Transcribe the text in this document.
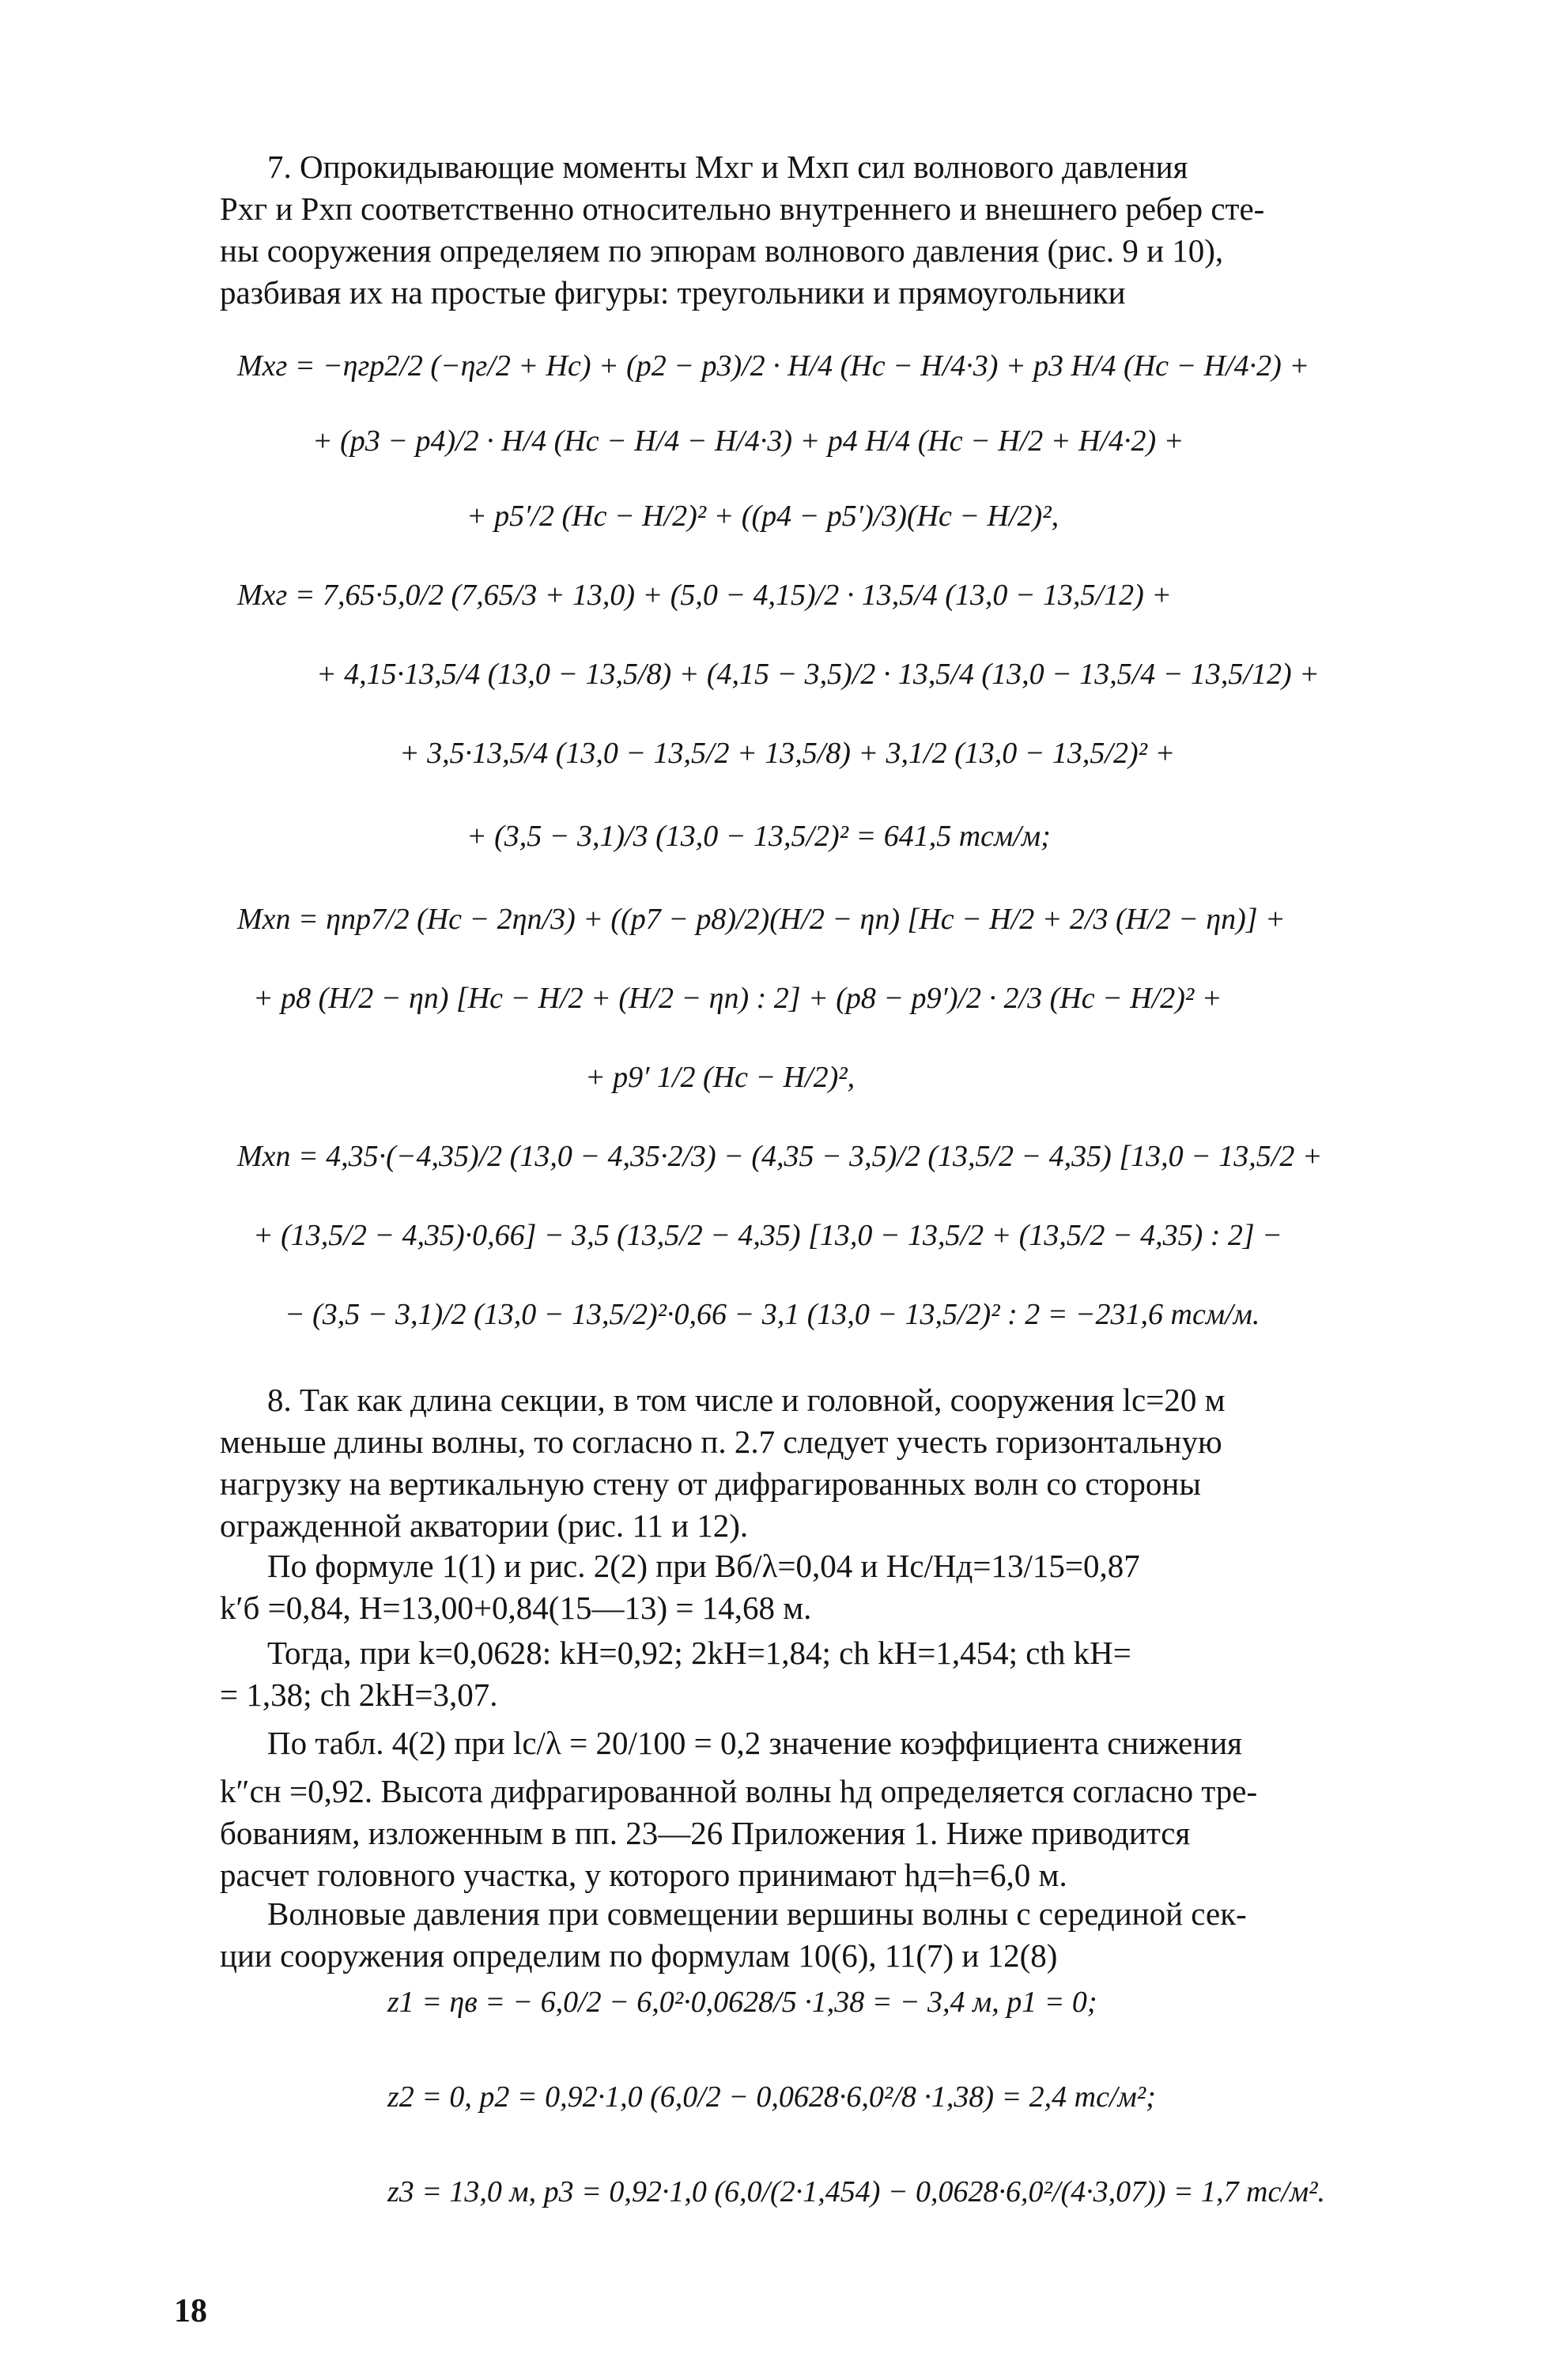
7. Опрокидывающие моменты Mхг и Mхп сил волнового давления
Pхг и Pхп соответственно относительно внутреннего и внешнего ребер сте-
ны сооружения определяем по эпюрам волнового давления (рис. 9 и 10),
разбивая их на простые фигуры: треугольники и прямоугольники
Mхг = −ηгp2/2 (−ηг/2 + Hс) + (p2 − p3)/2 · H/4 (Hс − H/4·3) + p3 H/4 (Hс − H/4·2) +
+ (p3 − p4)/2 · H/4 (Hс − H/4 − H/4·3) + p4 H/4 (Hс − H/2 + H/4·2) +
+ p5′/2 (Hс − H/2)² + ((p4 − p5′)/3)(Hс − H/2)²,
Mхг = 7,65·5,0/2 (7,65/3 + 13,0) + (5,0 − 4,15)/2 · 13,5/4 (13,0 − 13,5/12) +
+ 4,15·13,5/4 (13,0 − 13,5/8) + (4,15 − 3,5)/2 · 13,5/4 (13,0 − 13,5/4 − 13,5/12) +
+ 3,5·13,5/4 (13,0 − 13,5/2 + 13,5/8) + 3,1/2 (13,0 − 13,5/2)² +
+ (3,5 − 3,1)/3 (13,0 − 13,5/2)² = 641,5 тсм/м;
Mхп = ηпp7/2 (Hс − 2ηп/3) + ((p7 − p8)/2)(H/2 − ηп) [Hс − H/2 + 2/3 (H/2 − ηп)] +
+ p8 (H/2 − ηп) [Hс − H/2 + (H/2 − ηп) : 2] + (p8 − p9′)/2 · 2/3 (Hс − H/2)² +
+ p9′ 1/2 (Hс − H/2)²,
Mхп = 4,35·(−4,35)/2 (13,0 − 4,35·2/3) − (4,35 − 3,5)/2 (13,5/2 − 4,35) [13,0 − 13,5/2 +
+ (13,5/2 − 4,35)·0,66] − 3,5 (13,5/2 − 4,35) [13,0 − 13,5/2 + (13,5/2 − 4,35) : 2] −
− (3,5 − 3,1)/2 (13,0 − 13,5/2)²·0,66 − 3,1 (13,0 − 13,5/2)² : 2 = −231,6 тсм/м.
8. Так как длина секции, в том числе и головной, сооружения lс=20 м
меньше длины волны, то согласно п. 2.7 следует учесть горизонтальную
нагрузку на вертикальную стену от дифрагированных волн со стороны
огражденной акватории (рис. 11 и 12).
По формуле 1(1) и рис. 2(2) при Bб/λ=0,04 и Hс/Hд=13/15=0,87
k′б =0,84, H=13,00+0,84(15—13) = 14,68 м.
Тогда, при k=0,0628: kH=0,92; 2kH=1,84; ch kH=1,454; cth kH=
= 1,38; ch 2kH=3,07.
По табл. 4(2) при lс/λ = 20/100 = 0,2 значение коэффициента снижения
k″сн =0,92. Высота дифрагированной волны hд определяется согласно тре-
бованиям, изложенным в пп. 23—26 Приложения 1. Ниже приводится
расчет головного участка, у которого принимают hд=h=6,0 м.
Волновые давления при совмещении вершины волны с серединой сек-
ции сооружения определим по формулам 10(6), 11(7) и 12(8)
z1 = ηв = − 6,0/2 − 6,0²·0,0628/5 ·1,38 = − 3,4 м, p1 = 0;
z2 = 0, p2 = 0,92·1,0 (6,0/2 − 0,0628·6,0²/8 ·1,38) = 2,4 тс/м²;
z3 = 13,0 м, p3 = 0,92·1,0 (6,0/(2·1,454) − 0,0628·6,0²/(4·3,07)) = 1,7 тс/м².
18
